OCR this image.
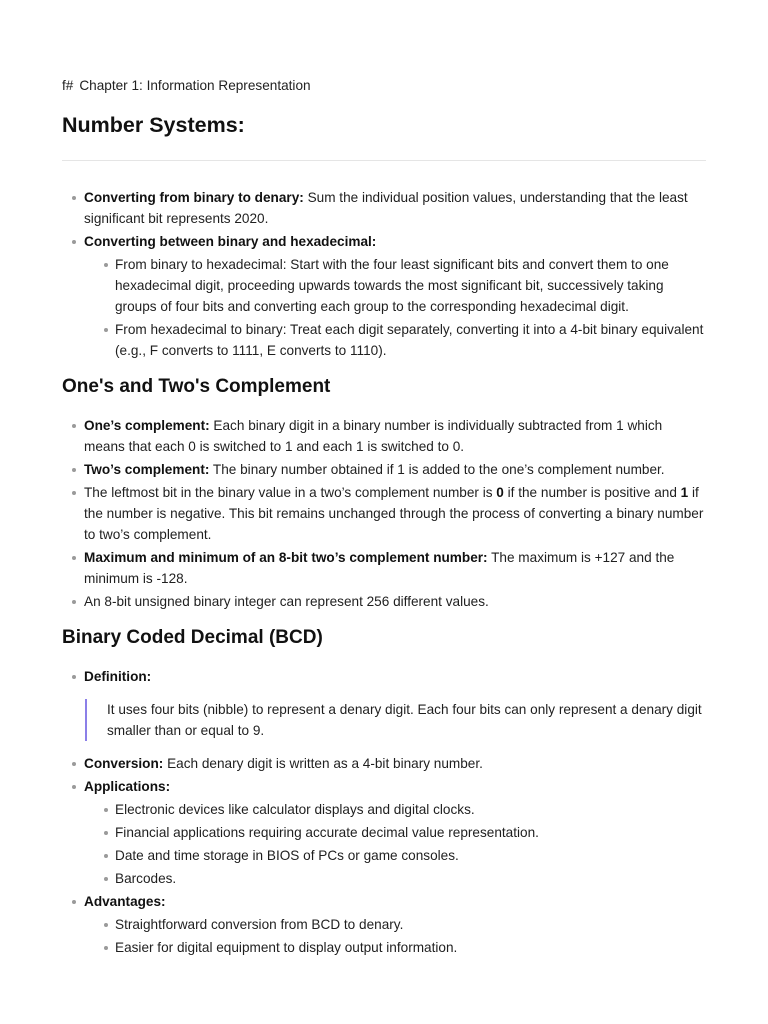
f# Chapter 1: Information Representation

Number Systems:
Converting from binary to denary: Sum the individual position values, understanding that the least significant bit represents 2020.
Converting between binary and hexadecimal:
From binary to hexadecimal: Start with the four least significant bits and convert them to one hexadecimal digit, proceeding upwards towards the most significant bit, successively taking groups of four bits and converting each group to the corresponding hexadecimal digit.
From hexadecimal to binary: Treat each digit separately, converting it into a 4-bit binary equivalent (e.g., F converts to 1111, E converts to 1110).
One's and Two's Complement
One’s complement: Each binary digit in a binary number is individually subtracted from 1 which means that each 0 is switched to 1 and each 1 is switched to 0.
Two’s complement: The binary number obtained if 1 is added to the one’s complement number.
The leftmost bit in the binary value in a two’s complement number is 0 if the number is positive and 1 if the number is negative. This bit remains unchanged through the process of converting a binary number to two’s complement.
Maximum and minimum of an 8-bit two’s complement number: The maximum is +127 and the minimum is -128.
An 8-bit unsigned binary integer can represent 256 different values.
Binary Coded Decimal (BCD)
Definition:
It uses four bits (nibble) to represent a denary digit. Each four bits can only represent a denary digit smaller than or equal to 9.
Conversion: Each denary digit is written as a 4-bit binary number.
Applications:
Electronic devices like calculator displays and digital clocks.
Financial applications requiring accurate decimal value representation.
Date and time storage in BIOS of PCs or game consoles.
Barcodes.
Advantages:
Straightforward conversion from BCD to denary.
Easier for digital equipment to display output information.
